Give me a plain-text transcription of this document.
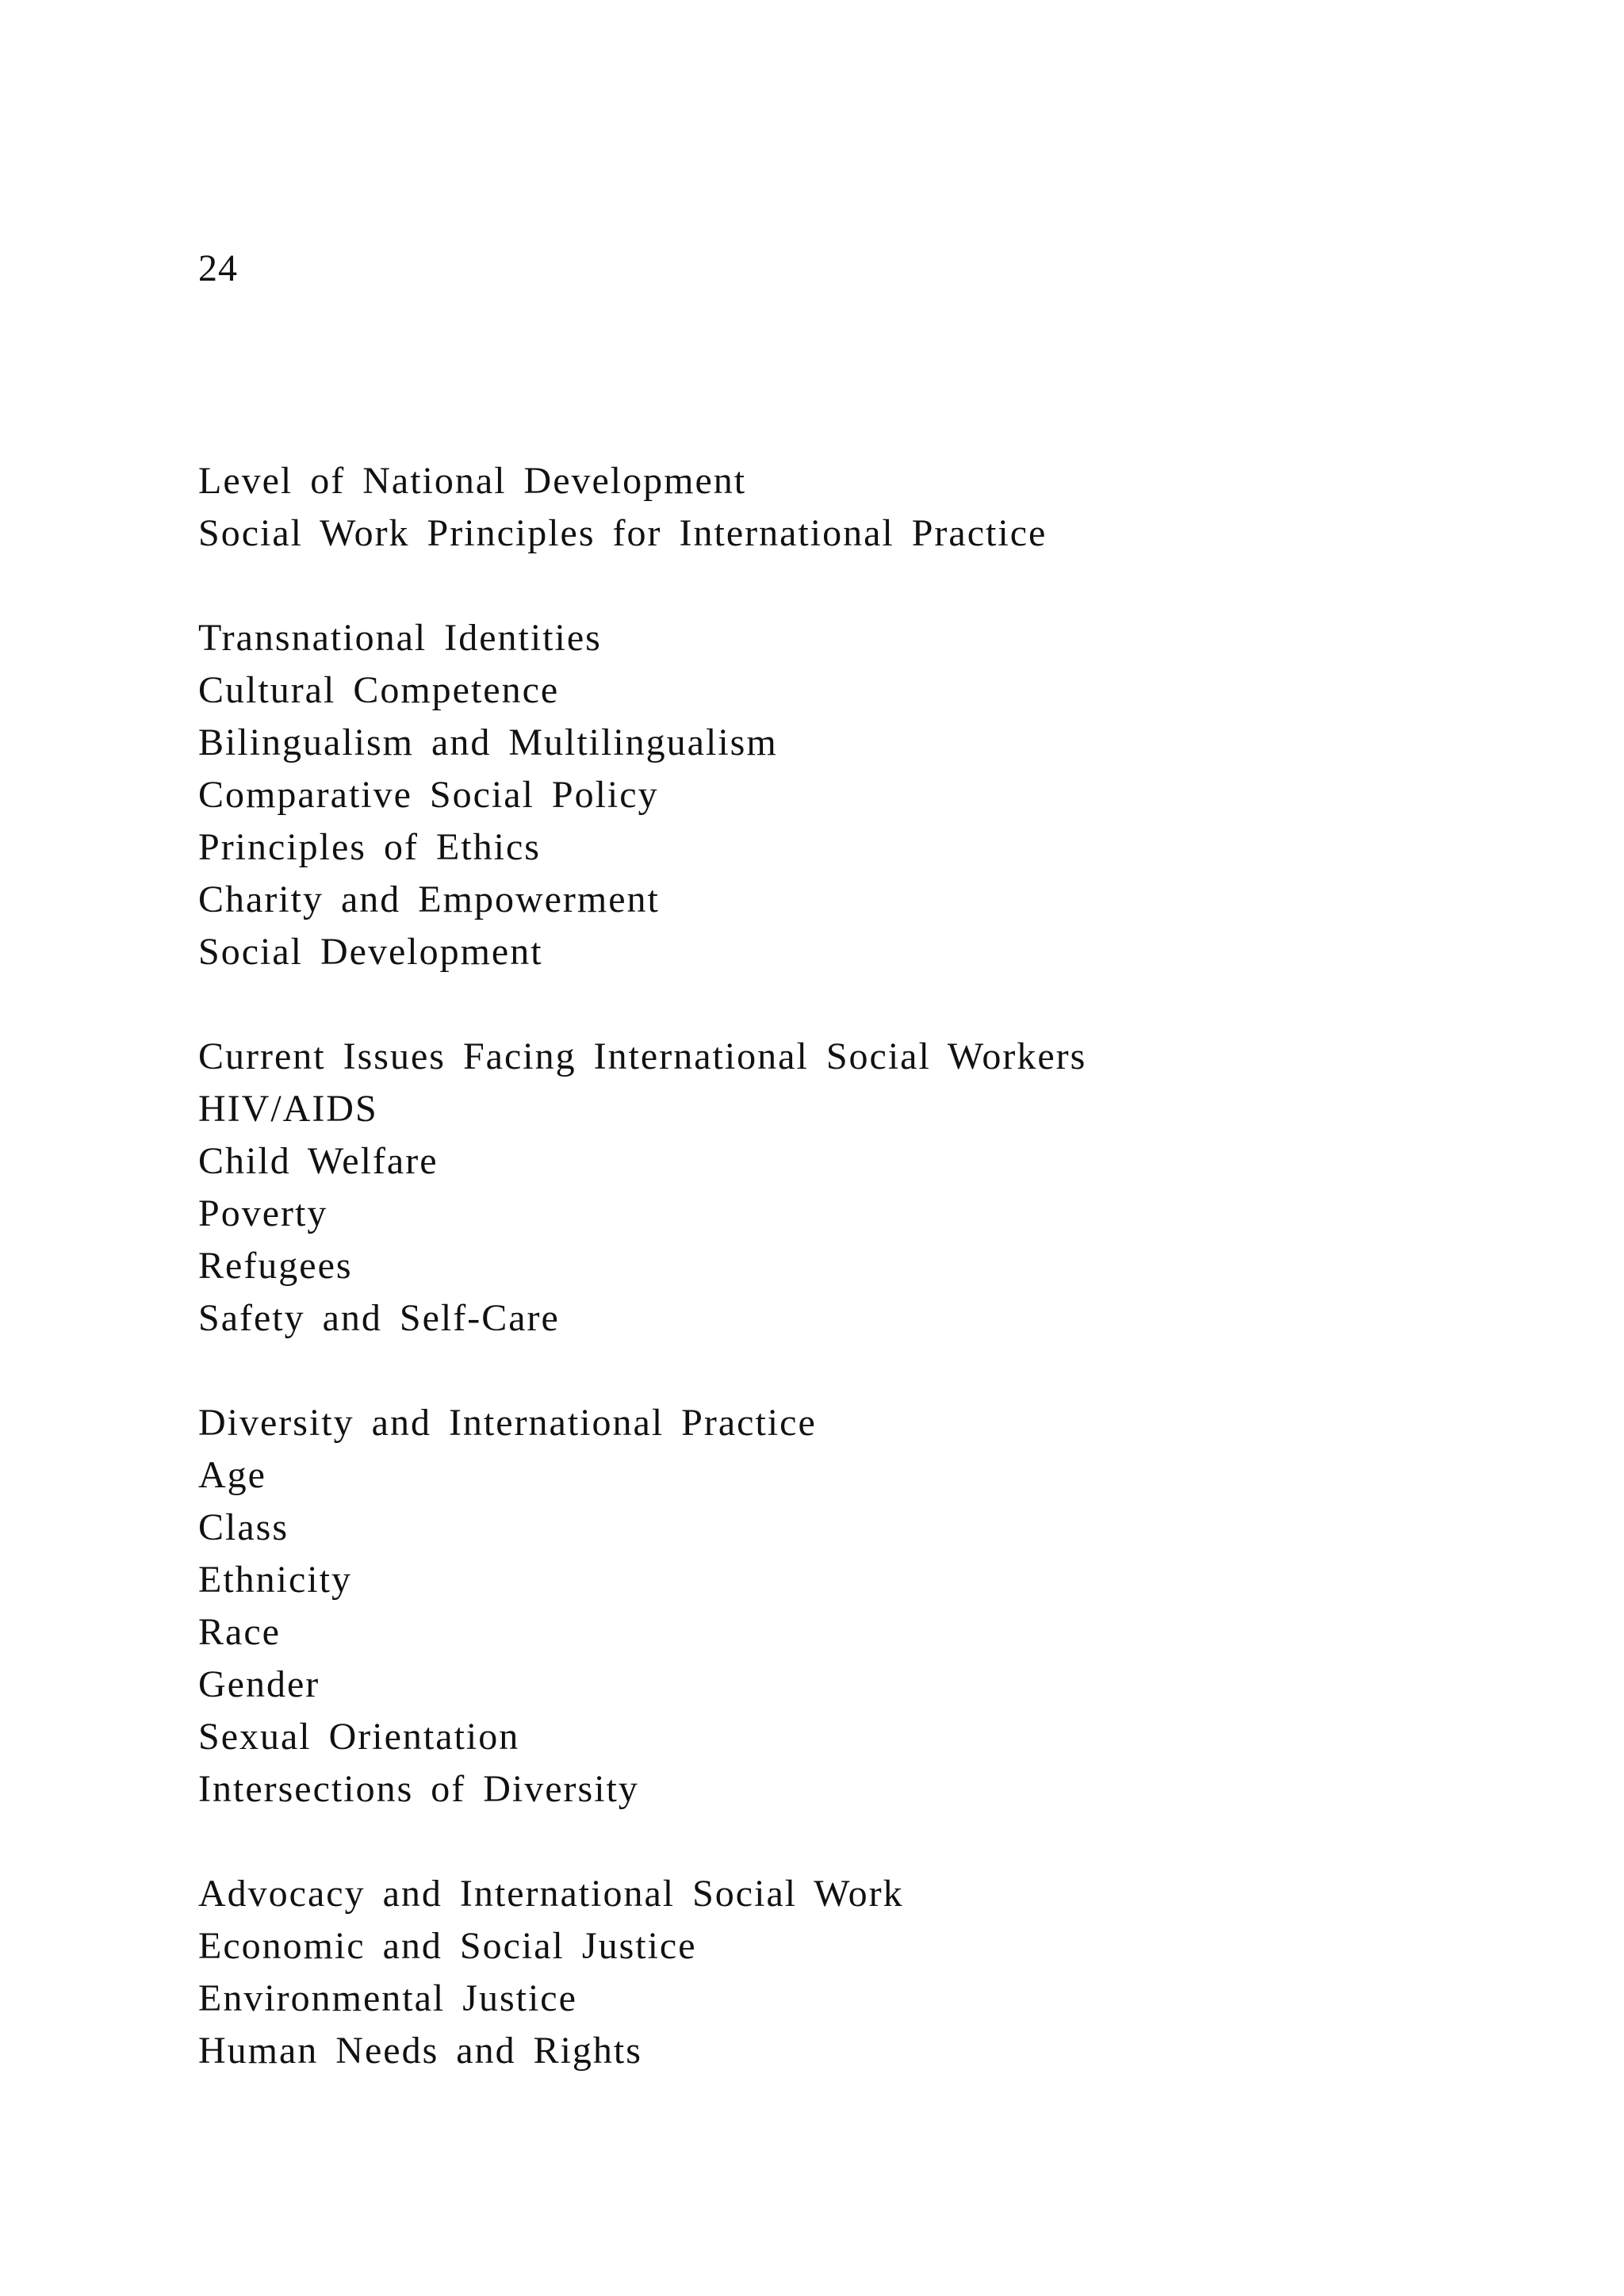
24

Level of National Development
Social Work Principles for International Practice
Transnational Identities
Cultural Competence
Bilingualism and Multilingualism
Comparative Social Policy
Principles of Ethics
Charity and Empowerment
Social Development
Current Issues Facing International Social Workers
HIV/AIDS
Child Welfare
Poverty
Refugees
Safety and Self-Care
Diversity and International Practice
Age
Class
Ethnicity
Race
Gender
Sexual Orientation
Intersections of Diversity
Advocacy and International Social Work
Economic and Social Justice
Environmental Justice
Human Needs and Rights
